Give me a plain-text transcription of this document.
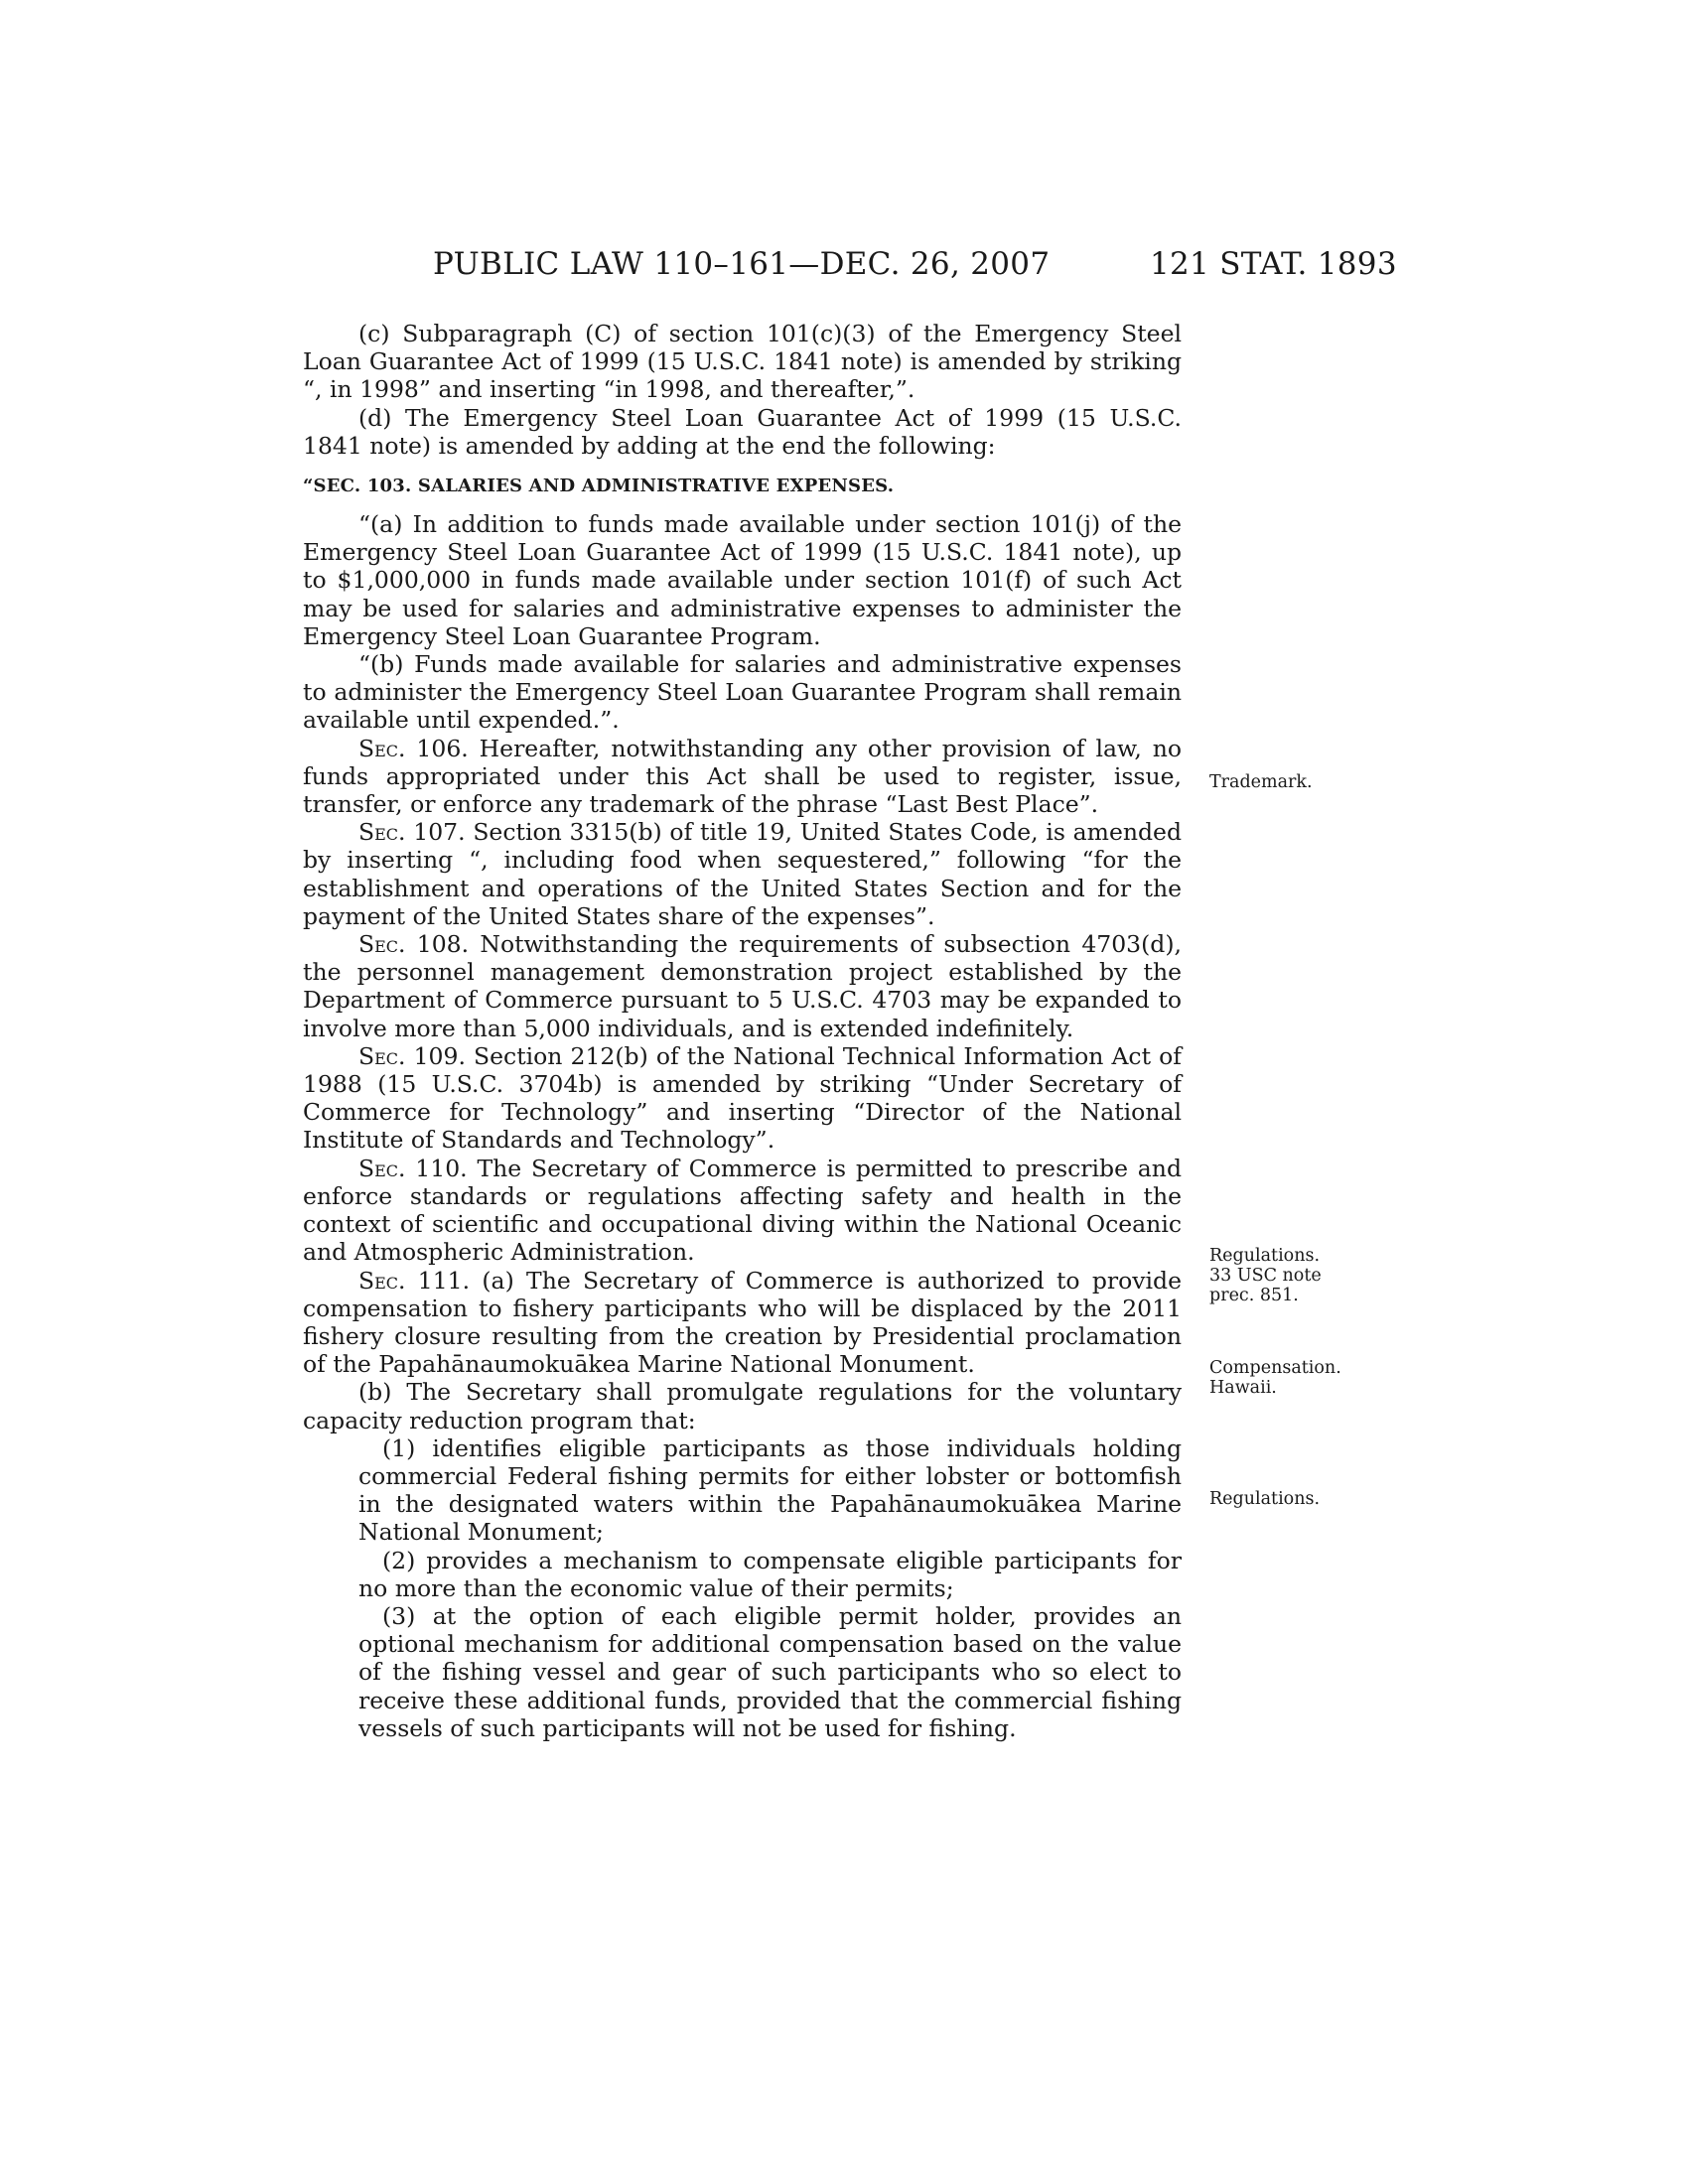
PUBLIC LAW 110–161—DEC. 26, 2007	121 STAT. 1893

(c) Subparagraph (C) of section 101(c)(3) of the Emergency Steel Loan Guarantee Act of 1999 (15 U.S.C. 1841 note) is amended by striking “, in 1998” and inserting “in 1998, and thereafter,”.

(d) The Emergency Steel Loan Guarantee Act of 1999 (15 U.S.C. 1841 note) is amended by adding at the end the following:

“SEC. 103. SALARIES AND ADMINISTRATIVE EXPENSES.

“(a) In addition to funds made available under section 101(j) of the Emergency Steel Loan Guarantee Act of 1999 (15 U.S.C. 1841 note), up to $1,000,000 in funds made available under section 101(f) of such Act may be used for salaries and administrative expenses to administer the Emergency Steel Loan Guarantee Program.

“(b) Funds made available for salaries and administrative expenses to administer the Emergency Steel Loan Guarantee Program shall remain available until expended.”.

Sec. 106. Hereafter, notwithstanding any other provision of law, no funds appropriated under this Act shall be used to register, issue, transfer, or enforce any trademark of the phrase “Last Best Place”.

Sec. 107. Section 3315(b) of title 19, United States Code, is amended by inserting “, including food when sequestered,” following “for the establishment and operations of the United States Section and for the payment of the United States share of the expenses”.

Sec. 108. Notwithstanding the requirements of subsection 4703(d), the personnel management demonstration project established by the Department of Commerce pursuant to 5 U.S.C. 4703 may be expanded to involve more than 5,000 individuals, and is extended indefinitely.

Sec. 109. Section 212(b) of the National Technical Information Act of 1988 (15 U.S.C. 3704b) is amended by striking “Under Secretary of Commerce for Technology” and inserting “Director of the National Institute of Standards and Technology”.

Sec. 110. The Secretary of Commerce is permitted to prescribe and enforce standards or regulations affecting safety and health in the context of scientific and occupational diving within the National Oceanic and Atmospheric Administration.

Sec. 111. (a) The Secretary of Commerce is authorized to provide compensation to fishery participants who will be displaced by the 2011 fishery closure resulting from the creation by Presidential proclamation of the Papahānaumokuākea Marine National Monument.

(b) The Secretary shall promulgate regulations for the voluntary capacity reduction program that:

(1) identifies eligible participants as those individuals holding commercial Federal fishing permits for either lobster or bottomfish in the designated waters within the Papahānaumokuākea Marine National Monument;

(2) provides a mechanism to compensate eligible participants for no more than the economic value of their permits;

(3) at the option of each eligible permit holder, provides an optional mechanism for additional compensation based on the value of the fishing vessel and gear of such participants who so elect to receive these additional funds, provided that the commercial fishing vessels of such participants will not be used for fishing.

Trademark.
Regulations.
33 USC note
prec. 851.
Compensation.
Hawaii.
Regulations.
